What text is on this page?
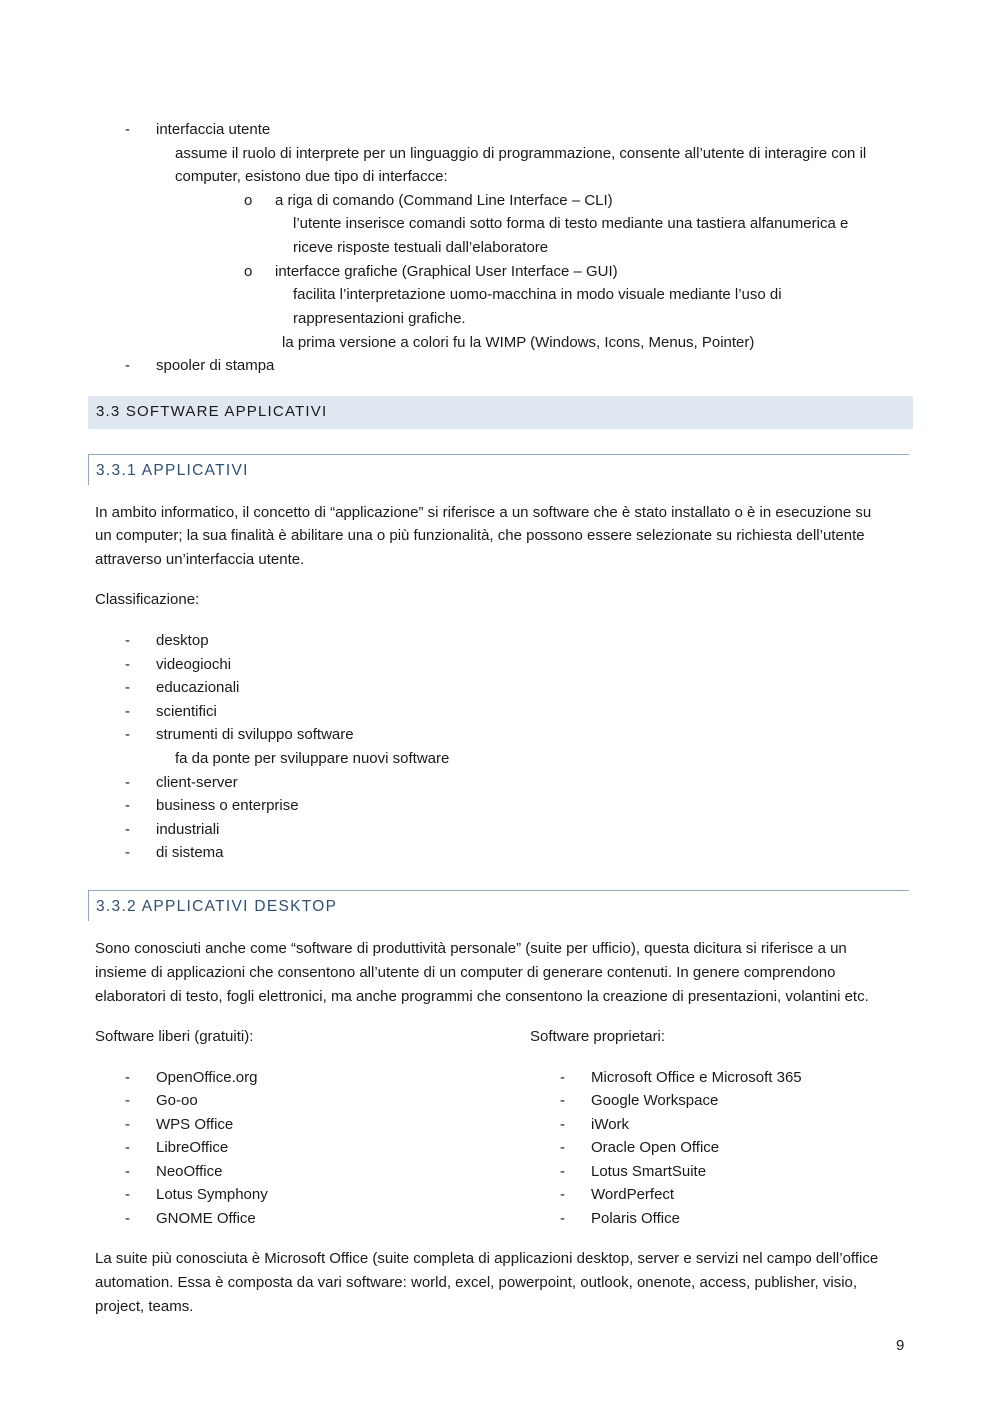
- interfaccia utente
assume il ruolo di interprete per un linguaggio di programmazione, consente all’utente di interagire con il
computer, esistono due tipo di interfacce:
o a riga di comando (Command Line Interface – CLI)
l’utente inserisce comandi sotto forma di testo mediante una tastiera alfanumerica e
riceve risposte testuali dall’elaboratore
o interfacce grafiche (Graphical User Interface – GUI)
facilita l’interpretazione uomo-macchina in modo visuale mediante l’uso di
rappresentazioni grafiche.
la prima versione a colori fu la WIMP (Windows, Icons, Menus, Pointer)
- spooler di stampa
3.3 SOFTWARE APPLICATIVI
3.3.1 APPLICATIVI
In ambito informatico, il concetto di “applicazione” si riferisce a un software che è stato installato o è in esecuzione su
un computer; la sua finalità è abilitare una o più funzionalità, che possono essere selezionate su richiesta dell’utente
attraverso un’interfaccia utente.
Classificazione:
- desktop
- videogiochi
- educazionali
- scientifici
- strumenti di sviluppo software
fa da ponte per sviluppare nuovi software
- client-server
- business o enterprise
- industriali
- di sistema
3.3.2 APPLICATIVI DESKTOP
Sono conosciuti anche come “software di produttività personale” (suite per ufficio), questa dicitura si riferisce a un
insieme di applicazioni che consentono all’utente di un computer di generare contenuti. In genere comprendono
elaboratori di testo, fogli elettronici, ma anche programmi che consentono la creazione di presentazioni, volantini etc.
Software liberi (gratuiti):	Software proprietari:
- OpenOffice.org
- Go-oo
- WPS Office
- LibreOffice
- NeoOffice
- Lotus Symphony
- GNOME Office
- Microsoft Office e Microsoft 365
- Google Workspace
- iWork
- Oracle Open Office
- Lotus SmartSuite
- WordPerfect
- Polaris Office
La suite più conosciuta è Microsoft Office (suite completa di applicazioni desktop, server e servizi nel campo dell’office
automation. Essa è composta da vari software: world, excel, powerpoint, outlook, onenote, access, publisher, visio,
project, teams.
9
